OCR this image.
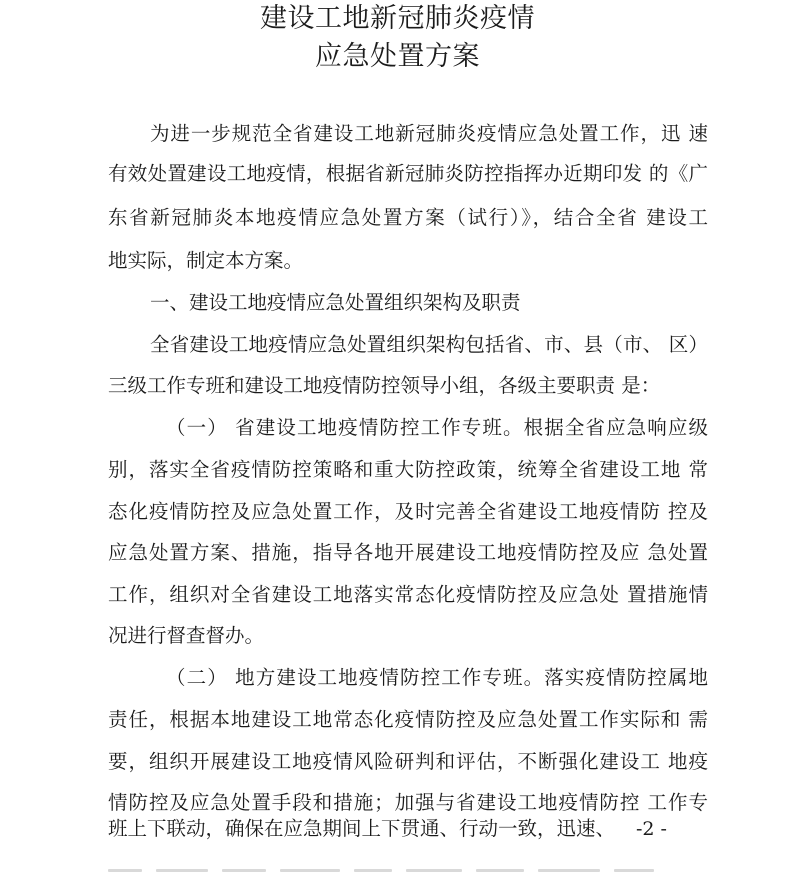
建设工地新冠肺炎疫情
应急处置方案
为进一步规范全省建设工地新冠肺炎疫情应急处置工作，迅 速
有效处置建设工地疫情，根据省新冠肺炎防控指挥办近期印发 的《广
东省新冠肺炎本地疫情应急处置方案（试行）》，结合全省 建设工
地实际，制定本方案。
一、建设工地疫情应急处置组织架构及职责
全省建设工地疫情应急处置组织架构包括省、市、县（市、 区）
三级工作专班和建设工地疫情防控领导小组，各级主要职责 是：
（一） 省建设工地疫情防控工作专班。根据全省应急响应级
别，落实全省疫情防控策略和重大防控政策，统筹全省建设工地 常
态化疫情防控及应急处置工作，及时完善全省建设工地疫情防 控及
应急处置方案、措施，指导各地开展建设工地疫情防控及应 急处置
工作，组织对全省建设工地落实常态化疫情防控及应急处 置措施情
况进行督查督办。
（二） 地方建设工地疫情防控工作专班。落实疫情防控属地
责任，根据本地建设工地常态化疫情防控及应急处置工作实际和 需
要，组织开展建设工地疫情风险研判和评估，不断强化建设工 地疫
情防控及应急处置手段和措施；加强与省建设工地疫情防控 工作专
班上下联动，确保在应急期间上下贯通、行动一致，迅速、	-2 -
